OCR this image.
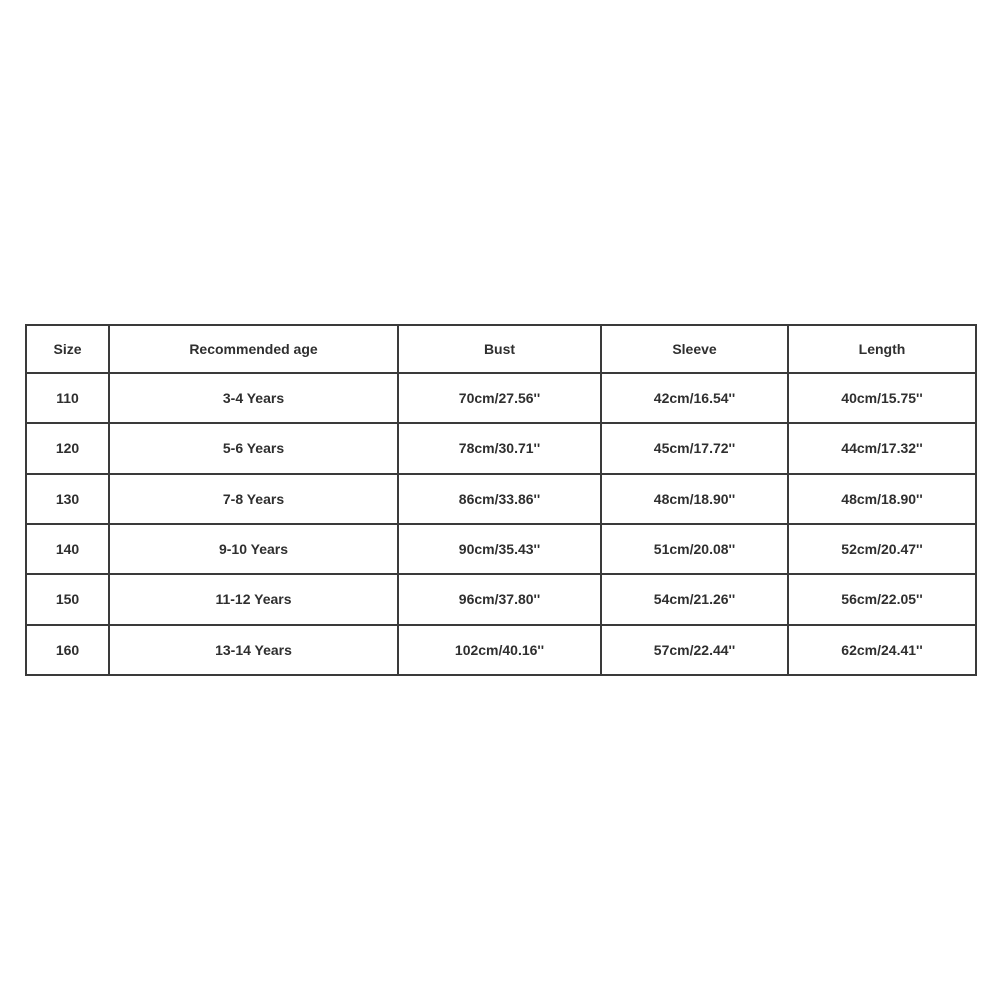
Size	Recommended age	Bust	Sleeve	Length
110	3-4 Years	70cm/27.56''	42cm/16.54''	40cm/15.75''
120	5-6 Years	78cm/30.71''	45cm/17.72''	44cm/17.32''
130	7-8 Years	86cm/33.86''	48cm/18.90''	48cm/18.90''
140	9-10 Years	90cm/35.43''	51cm/20.08''	52cm/20.47''
150	11-12 Years	96cm/37.80''	54cm/21.26''	56cm/22.05''
160	13-14 Years	102cm/40.16''	57cm/22.44''	62cm/24.41''
